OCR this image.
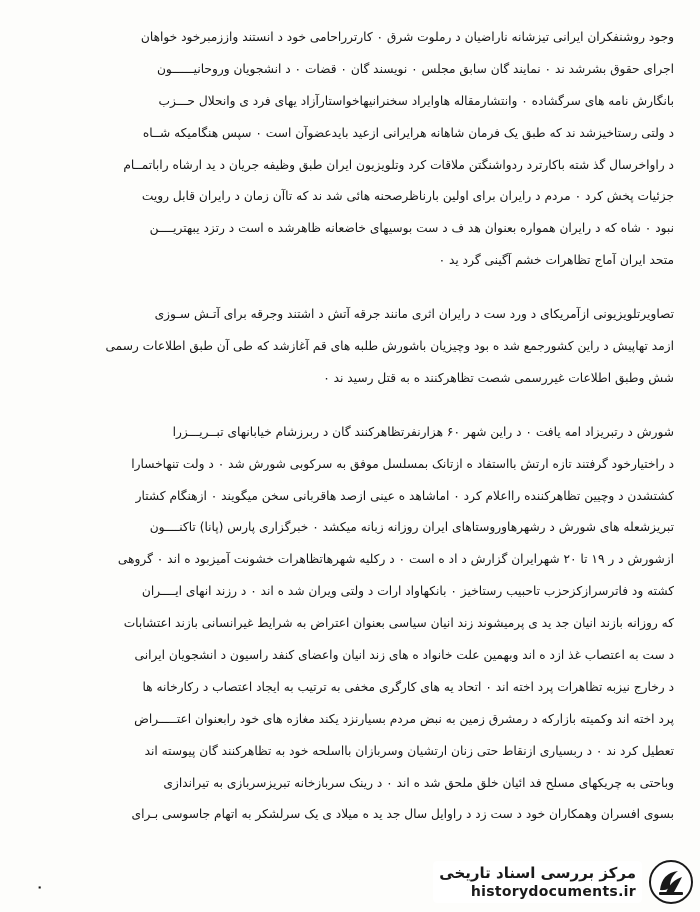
وجود روشنفکران ایرانی تیزشانه ناراضیان د رملوت شرق ۰ کارترراحامی خود د انستند واززمبرخود خواهان
اجرای حقوق بشرشد ند ۰ نمایند گان سابق مجلس ۰ نویسند گان ۰ قضات ۰ د انشجویان وروحانیــــــون
بانگارش نامه های سرگشاده ۰ وانتشارمقاله هاوایراد سخنرانیهاخواستارآزاد یهای فرد ی وانحلال حـــزب
د ولتی رستاخیزشد ند که طبق یک فرمان شاهانه هرایرانی ازعید بایدعضوآن است ۰ سپس هنگامیکه شــاه
د راواخرسال گذ شته باکارترد ردواشنگتن ملاقات کرد وتلویزیون ایران طبق وظیفه جریان د ید ارشاه راباتمــام
جزئیات پخش کرد ۰ مردم د رایران برای اولین بارناظرصحنه هائی شد ند که تاآن زمان د رایران قابل رویت
نبود ۰ شاه که د رایران همواره بعنوان هد ف د ست بوسیهای خاضعانه ظاهرشد ه است د رتزد یبهتریــــن
متحد ایران آماج تظاهرات خشم آگینی گرد ید ۰
تصاویرتلویزیونی ازآمریکای د ورد ست د رایران اثری مانند جرقه آتش د اشتند وجرقه برای آتـش سـوزی
ازمد تهاپیش د راین کشورجمع شد ه بود وچیزیان باشورش طلبه های قم آغازشد که طی آن طبق اطلاعات رسمی
شش وطبق اطلاعات غیررسمی شصت تظاهرکنند ه به قتل رسید ند ۰
شورش د رتبریزاد امه یافت ۰ د راین شهر ۶۰ هزارنفرتظاهرکنند گان د ربرزشام خیابانهای تبــریـــزرا
د راختیارخود گرفتند تازه ارتش بااستفاد ه ازتانک بمسلسل موفق به سرکوبی شورش شد ۰ د ولت تنهاخسارا
کشتشدن د وچیین تظاهرکننده رااعلام کرد ۰ اماشاهد ه عینی ازصد هاقربانی سخن میگویند ۰ ازهنگام کشتار
تبریزشعله های شورش د رشهرهاوروستاهای ایران روزانه زبانه میکشد ۰ خبرگزاری پارس (پانا) تاکنــــون
ازشورش د ر ۱۹ تا ۲۰ شهرایران گزارش د اد ه است ۰ د رکلیه شهرهاتظاهرات خشونت آمیزبود ه اند ۰ گروهی
کشته ود فاترسرازکزحزب تاحبیب رستاخیز ۰ بانکهاواد ارات د ولتی ویران شد ه اند ۰ د رزند انهای ایــــران
که روزانه بازند انیان جد ید ی پرمیشوند زند انیان سیاسی بعنوان اعتراض به شرایط غیرانسانی بازند اعتشابات
د ست به اعتصاب غذ ازد ه اند وبهمین علت خانواد ه های زند انیان واعضای کنفد راسیون د انشجویان ایرانی
د رخارج نیزبه تظاهرات پرد اخته اند ۰ اتحاد یه های کارگری مخفی به ترتیب به ایجاد اعتصاب د رکارخانه ها
پرد اخته اند وکمیته بازارکه د رمشرق زمین به نبض مردم بسیارنزد یکند مغازه های خود رابعنوان اعتـــــراض
تعطیل کرد ند ۰ د ربسیاری ازنقاط حتی زنان ارتشیان وسربازان بااسلحه خود به تظاهرکنند گان پیوسته اند
وباحتی به چریکهای مسلح فد ائیان خلق ملحق شد ه اند ۰ د رینک سربازخانه تبریزسربازی به تیراندازی
بسوی افسران وهمکاران خود د ست زد د راوایل سال جد ید ه میلاد ی یک سرلشکر به اتهام جاسوسی بـرای
۰
مرکز بررسی اسناد تاریخی
historydocuments.ir
